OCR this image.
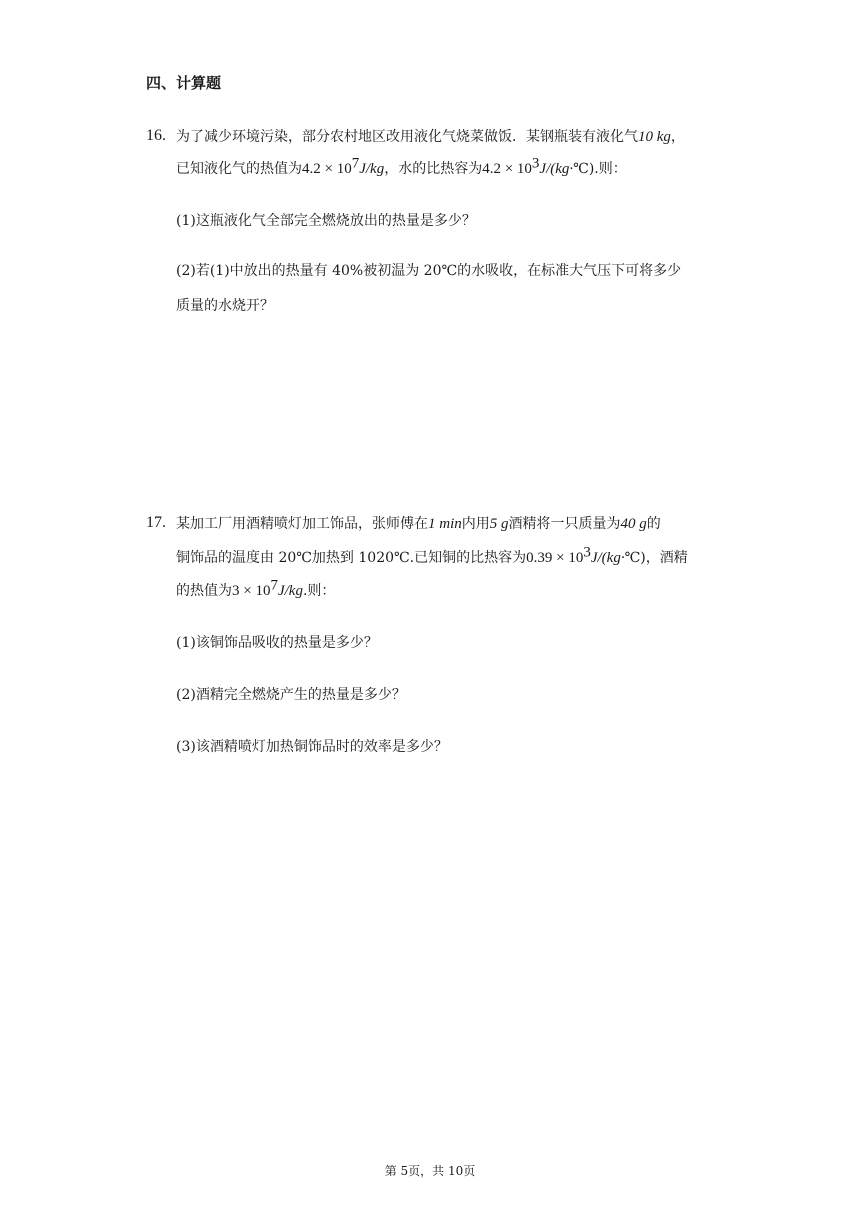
四、计算题
16. 为了减少环境污染，部分农村地区改用液化气烧菜做饭．某钢瓶装有液化气10 kg，
已知液化气的热值为$4.2 \times 10^7J/kg$，水的比热容为$4.2 \times 10^3J/(kg\cdot℃)$.则：
(1)这瓶液化气全部完全燃烧放出的热量是多少？
(2)若(1)中放出的热量有 40%被初温为 20℃的水吸收，在标准大气压下可将多少
质量的水烧开？
17. 某加工厂用酒精喷灯加工饰品，张师傅在1 min内用5 g酒精将一只质量为40 g的
铜饰品的温度由 20℃加热到 1020℃.已知铜的比热容为$0.39 \times 10^3J/(kg\cdot℃)$，酒精
的热值为$3 \times 10^7J/kg$.则：
(1)该铜饰品吸收的热量是多少？
(2)酒精完全燃烧产生的热量是多少？
(3)该酒精喷灯加热铜饰品时的效率是多少？
第 5页，共 10页
